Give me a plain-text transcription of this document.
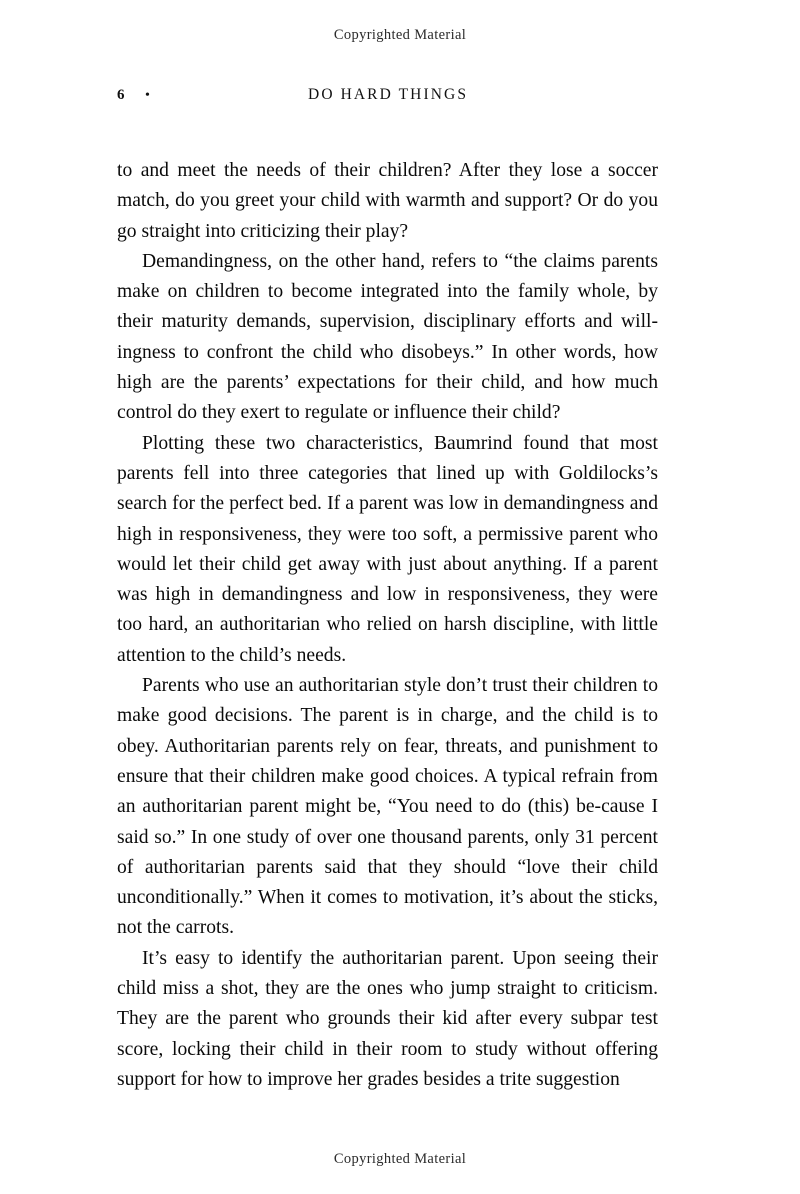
Copyrighted Material
6 •	DO HARD THINGS

to and meet the needs of their children? After they lose a soccer match, do you greet your child with warmth and support? Or do you go straight into criticizing their play?

Demandingness, on the other hand, refers to “the claims parents make on children to become integrated into the family whole, by their maturity demands, supervision, disciplinary efforts and will-ingness to confront the child who disobeys.” In other words, how high are the parents’ expectations for their child, and how much control do they exert to regulate or influence their child?

Plotting these two characteristics, Baumrind found that most parents fell into three categories that lined up with Goldilocks’s search for the perfect bed. If a parent was low in demandingness and high in responsiveness, they were too soft, a permissive parent who would let their child get away with just about anything. If a parent was high in demandingness and low in responsiveness, they were too hard, an authoritarian who relied on harsh discipline, with little attention to the child’s needs.

Parents who use an authoritarian style don’t trust their children to make good decisions. The parent is in charge, and the child is to obey. Authoritarian parents rely on fear, threats, and punishment to ensure that their children make good choices. A typical refrain from an authoritarian parent might be, “You need to do (this) be-cause I said so.” In one study of over one thousand parents, only 31 percent of authoritarian parents said that they should “love their child unconditionally.” When it comes to motivation, it’s about the sticks, not the carrots.

It’s easy to identify the authoritarian parent. Upon seeing their child miss a shot, they are the ones who jump straight to criticism. They are the parent who grounds their kid after every subpar test score, locking their child in their room to study without offering support for how to improve her grades besides a trite suggestion

Copyrighted Material
